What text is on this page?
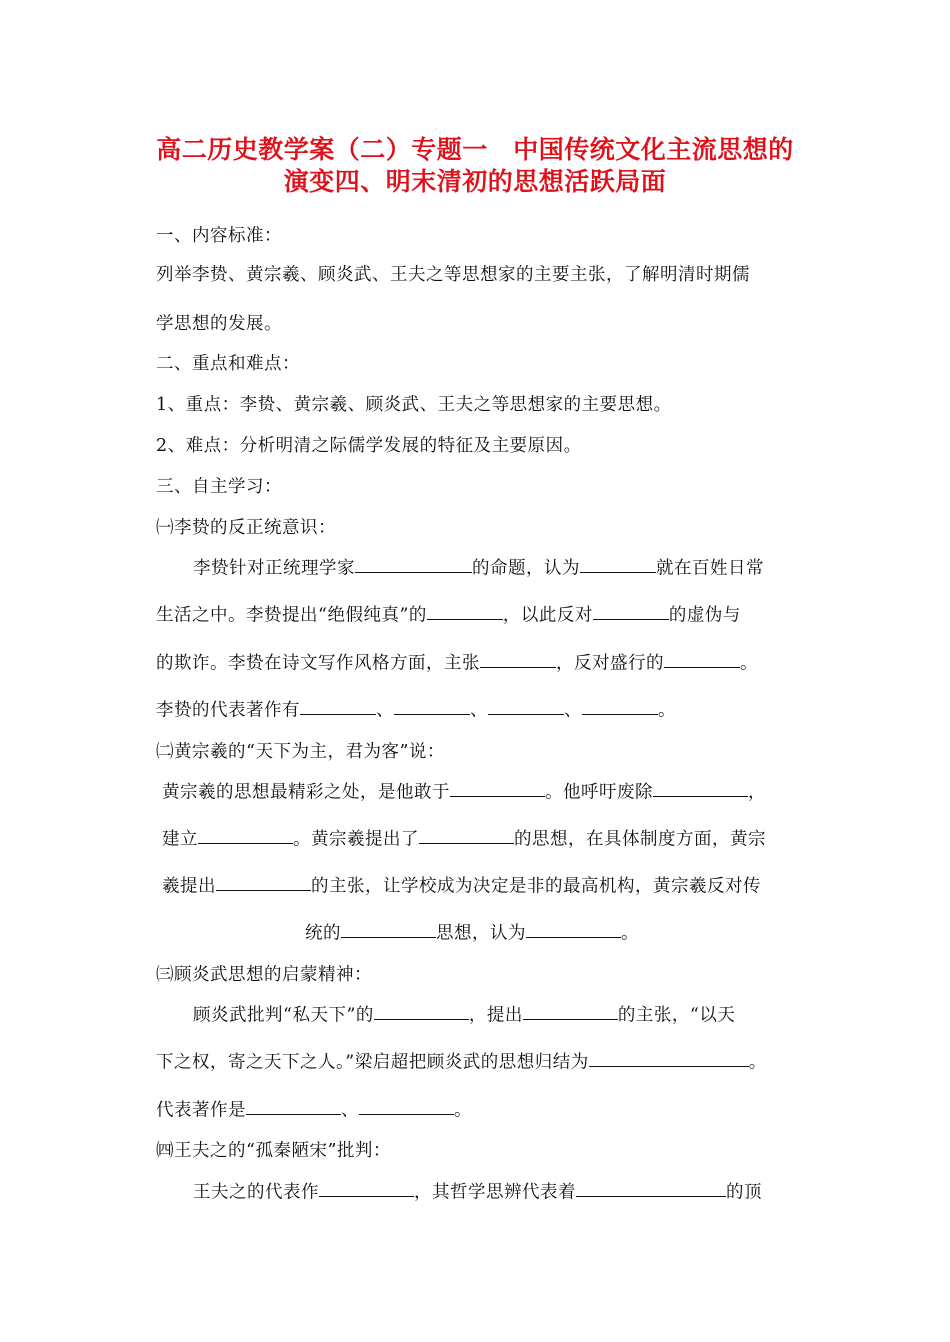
高二历史教学案（二）专题一　中国传统文化主流思想的
演变四、明末清初的思想活跃局面
一、内容标准：
列举李贽、黄宗羲、顾炎武、王夫之等思想家的主要主张，了解明清时期儒
学思想的发展。
二、重点和难点：
1、重点：李贽、黄宗羲、顾炎武、王夫之等思想家的主要思想。
2、难点：分析明清之际儒学发展的特征及主要原因。
三、自主学习：
㈠李贽的反正统意识：
李贽针对正统理学家	的命题，认为	就在百姓日常
生活之中。李贽提出“绝假纯真”的	，以此反对	的虚伪与
的欺诈。李贽在诗文写作风格方面，主张	，反对盛行的	。
李贽的代表著作有	、	、	、	。
㈡黄宗羲的“天下为主，君为客”说：
黄宗羲的思想最精彩之处，是他敢于	。他呼吁废除	，
建立	。黄宗羲提出了	的思想，在具体制度方面，黄宗
羲提出	的主张，让学校成为决定是非的最高机构，黄宗羲反对传
统的	思想，认为	。
㈢顾炎武思想的启蒙精神：
顾炎武批判“私天下”的	，提出	的主张，“以天
下之权，寄之天下之人。”梁启超把顾炎武的思想归结为	。
代表著作是	、	。
㈣王夫之的“孤秦陋宋”批判：
王夫之的代表作	，其哲学思辨代表着	的顶
